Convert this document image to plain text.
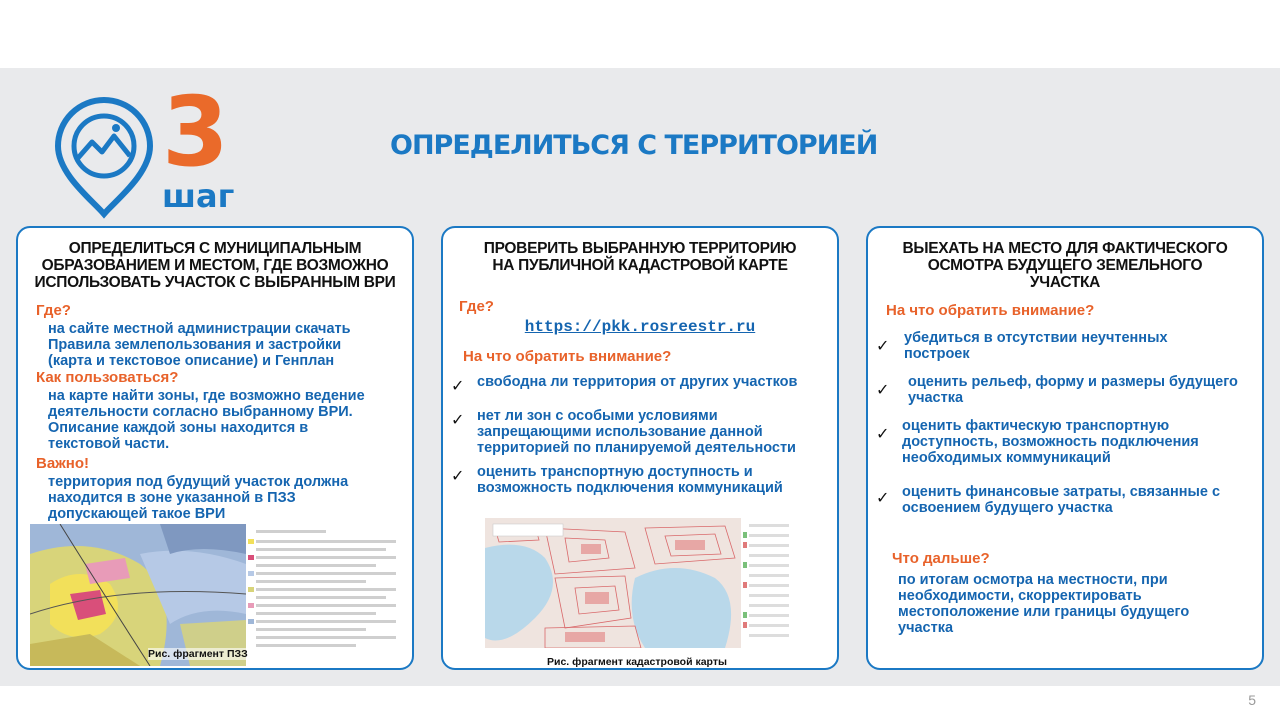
3
шаг
ОПРЕДЕЛИТЬСЯ С ТЕРРИТОРИЕЙ
ОПРЕДЕЛИТЬСЯ С МУНИЦИПАЛЬНЫМ
ОБРАЗОВАНИЕМ И МЕСТОМ, ГДЕ ВОЗМОЖНО
ИСПОЛЬЗОВАТЬ УЧАСТОК С ВЫБРАННЫМ ВРИ
Где?
на сайте местной администрации скачать
Правила землепользования и застройки
(карта и текстовое описание) и Генплан
Как пользоваться?
на карте найти зоны, где возможно ведение
деятельности согласно выбранному ВРИ.
Описание каждой зоны находится в
текстовой части.
Важно!
территория под будущий участок должна
находится в зоне указанной в ПЗЗ
допускающей такое ВРИ
Рис. фрагмент ПЗЗ
ПРОВЕРИТЬ ВЫБРАННУЮ ТЕРРИТОРИЮ
НА ПУБЛИЧНОЙ КАДАСТРОВОЙ КАРТЕ
Где?
https://pkk.rosreestr.ru
На что обратить внимание?
✓ свободна ли территория от других участков
✓ нет ли зон с особыми условиями
запрещающими использование данной
территорией по планируемой деятельности
✓ оценить транспортную доступность и
возможность подключения коммуникаций
Рис. фрагмент кадастровой карты
ВЫЕХАТЬ НА МЕСТО ДЛЯ ФАКТИЧЕСКОГО
ОСМОТРА БУДУЩЕГО ЗЕМЕЛЬНОГО
УЧАСТКА
На что обратить внимание?
✓ убедиться в отсутствии неучтенных
построек
✓ оценить рельеф, форму и размеры будущего
участка
✓ оценить фактическую транспортную
доступность, возможность подключения
необходимых коммуникаций
✓ оценить финансовые затраты, связанные с
освоением будущего участка
Что дальше?
по итогам осмотра на местности, при
необходимости, скорректировать
местоположение или границы будущего
участка
5
